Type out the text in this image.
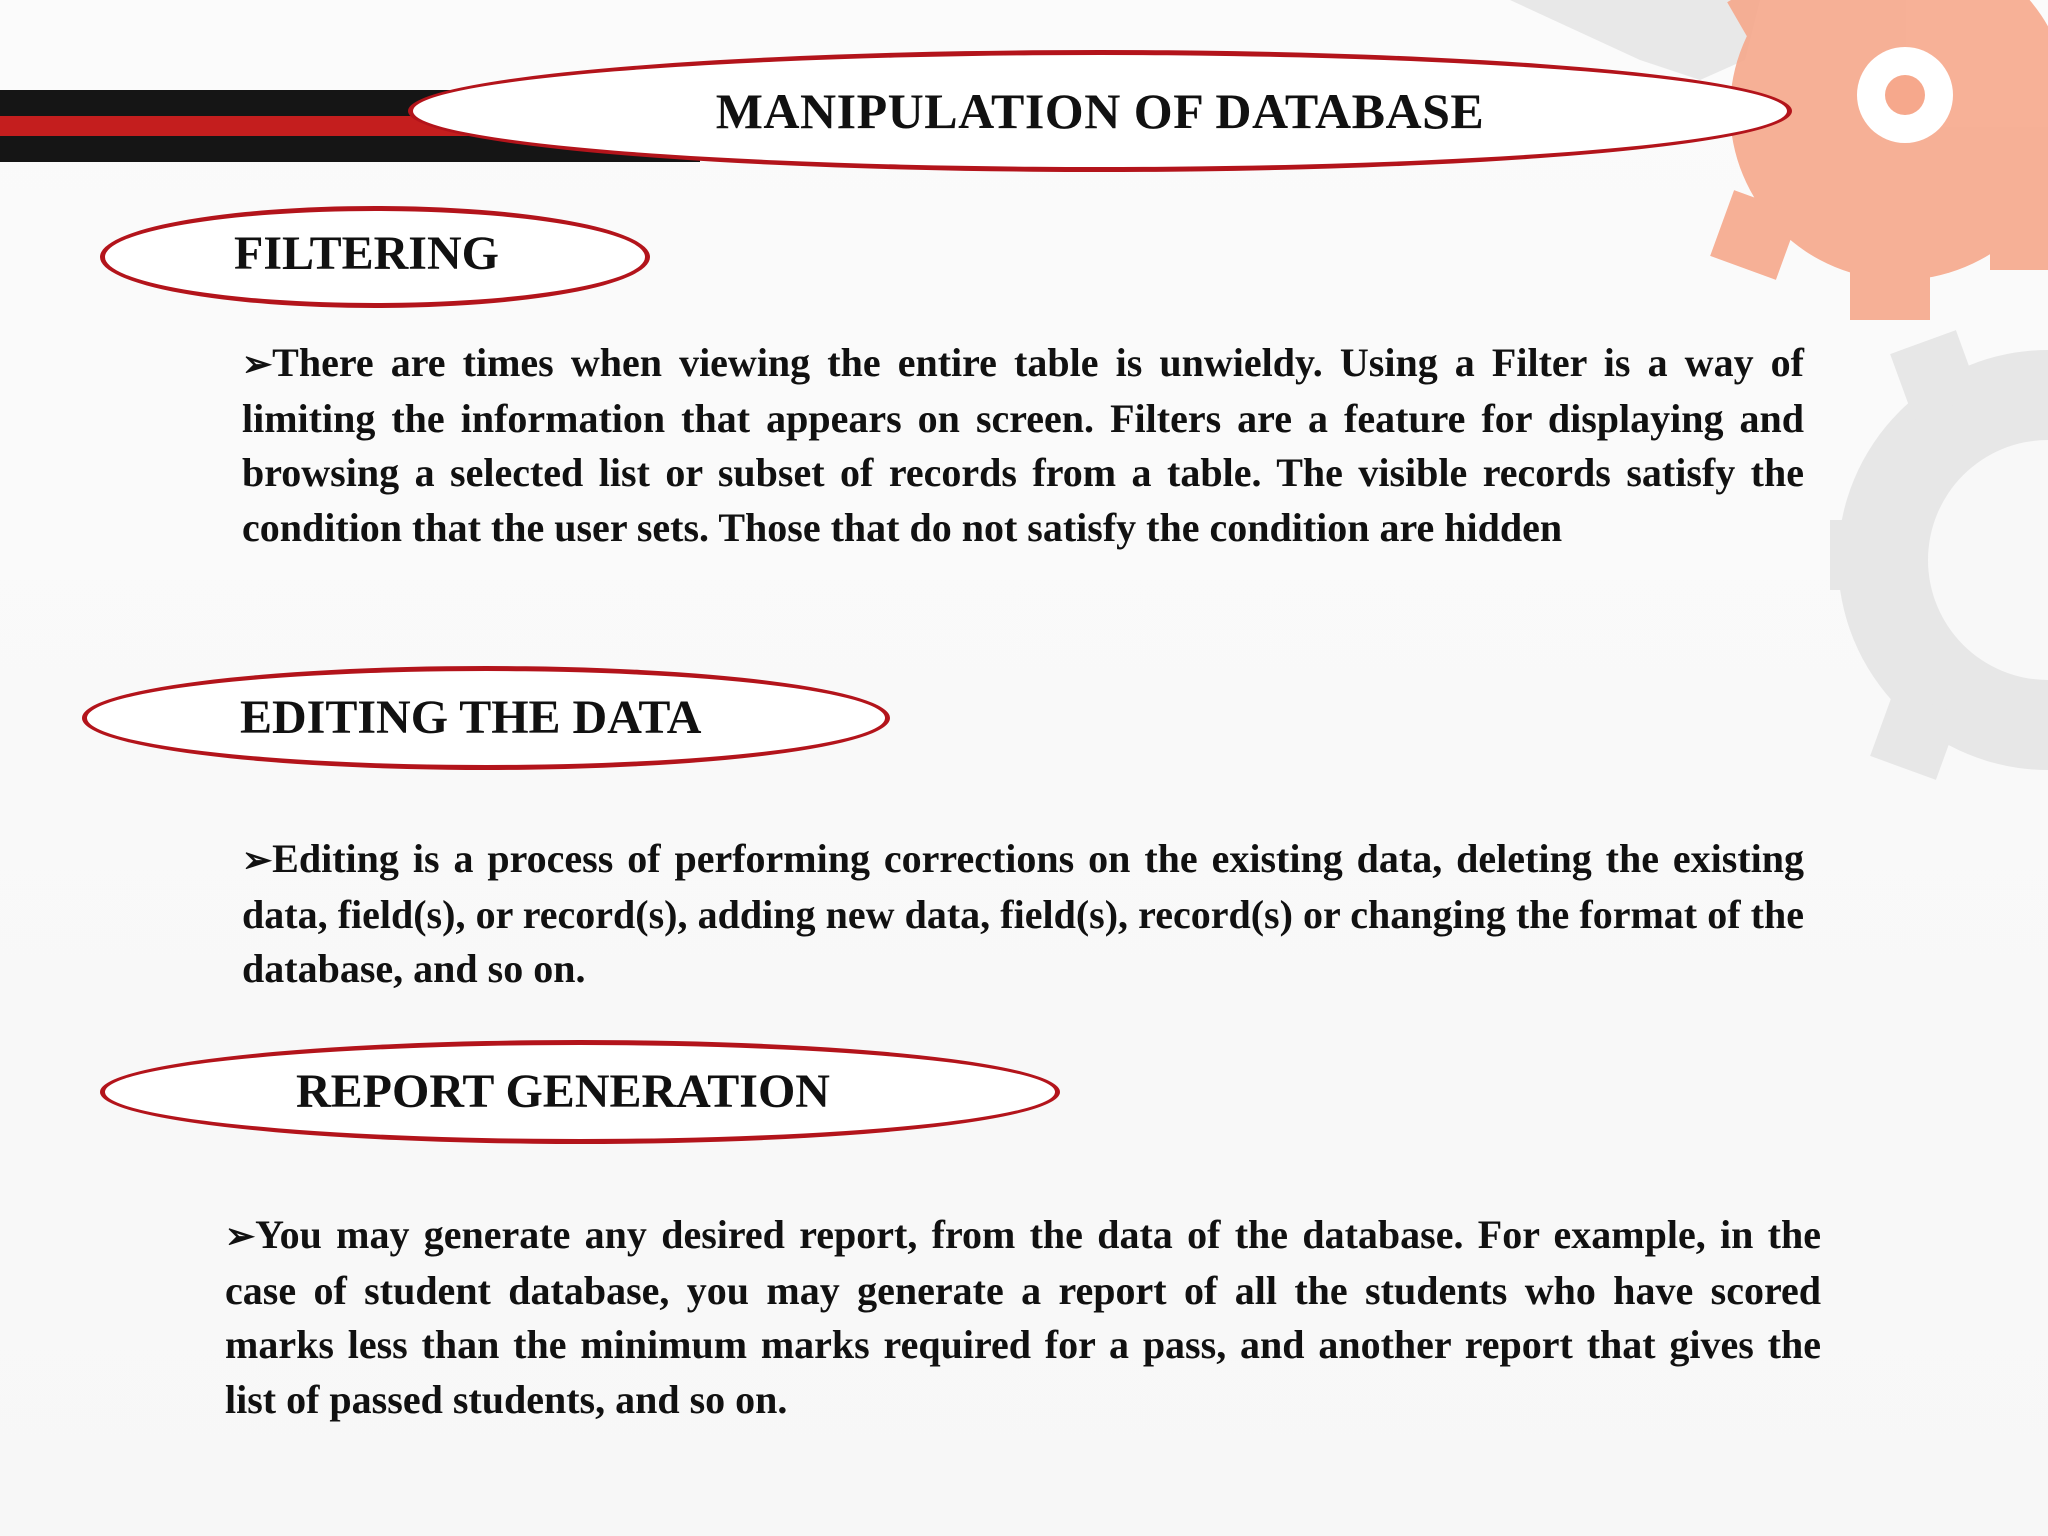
MANIPULATION OF DATABASE
FILTERING
➢There are times when viewing the entire table is unwieldy. Using a Filter is a way of limiting the information that appears on screen. Filters are a feature for displaying and browsing a selected list or subset of records from a table. The visible records satisfy the condition that the user sets. Those that do not satisfy the condition are hidden
EDITING THE DATA
➢Editing is a process of performing corrections on the existing data, deleting the existing data, field(s), or record(s), adding new data, field(s), record(s) or changing the format of the database, and so on.
REPORT GENERATION
➢You may generate any desired report, from the data of the database. For example, in the case of student database, you may generate a report of all the students who have scored marks less than the minimum marks required for a pass, and another report that gives the list of passed students, and so on.
